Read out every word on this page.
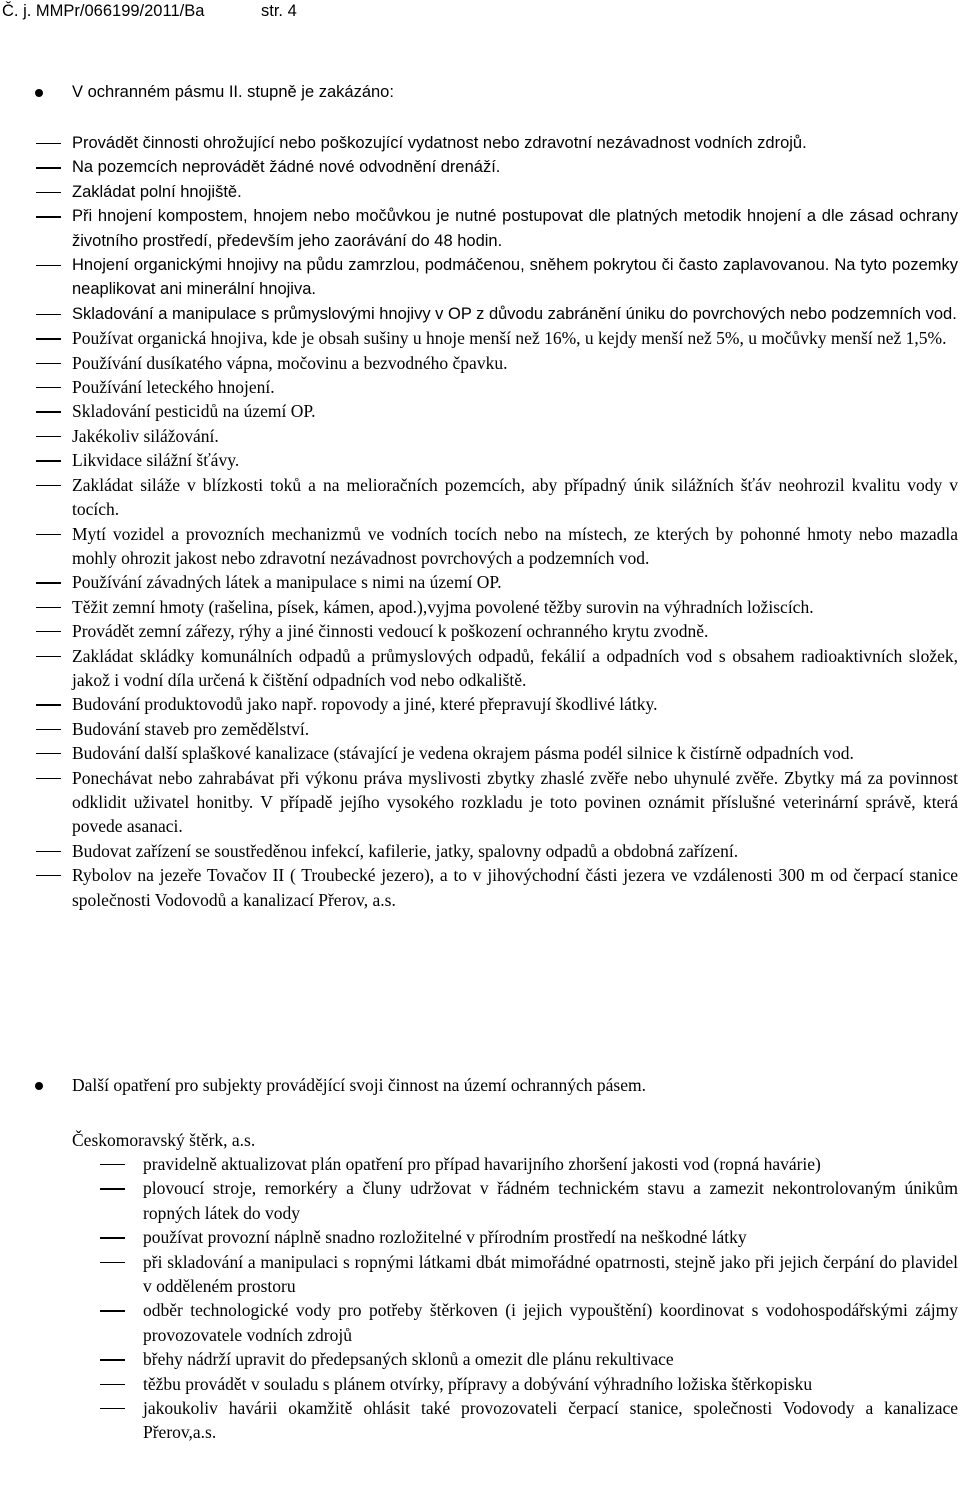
Č. j. MMPr/066199/2011/Ba	str. 4
V ochranném pásmu II. stupně je zakázáno:
Provádět činnosti ohrožující nebo poškozující vydatnost nebo zdravotní nezávadnost vodních zdrojů.
Na pozemcích neprovádět žádné nové odvodnění drenáží.
Zakládat polní hnojiště.
Při hnojení kompostem, hnojem nebo močůvkou je nutné postupovat dle platných metodik hnojení a dle zásad ochrany životního prostředí, především jeho zaorávání do 48 hodin.
Hnojení organickými hnojivy na půdu zamrzlou, podmáčenou, sněhem pokrytou či často zaplavovanou. Na tyto pozemky neaplikovat ani minerální hnojiva.
Skladování a manipulace s průmyslovými hnojivy v OP z důvodu zabránění úniku do povrchových nebo podzemních vod.
Používat organická hnojiva, kde je obsah sušiny u hnoje menší než 16%, u kejdy menší než 5%, u močůvky menší než 1,5%.
Používání dusíkatého vápna, močovinu a bezvodného čpavku.
Používání leteckého hnojení.
Skladování pesticidů na území OP.
Jakékoliv silážování.
Likvidace silážní šťávy.
Zakládat siláže v blízkosti toků a na melioračních pozemcích, aby případný únik silážních šťáv neohrozil kvalitu vody v tocích.
Mytí vozidel a provozních mechanizmů ve vodních tocích nebo na místech, ze kterých by pohonné hmoty nebo mazadla mohly ohrozit jakost nebo zdravotní nezávadnost povrchových a podzemních vod.
Používání závadných látek a manipulace s nimi na území OP.
Těžit zemní hmoty (rašelina, písek, kámen, apod.),vyjma povolené těžby surovin na výhradních ložiscích.
Provádět zemní zářezy, rýhy a jiné činnosti vedoucí k poškození ochranného krytu zvodně.
Zakládat skládky komunálních odpadů a průmyslových odpadů, fekálií a odpadních vod s obsahem radioaktivních složek, jakož i vodní díla určená k čištění odpadních vod nebo odkaliště.
Budování produktovodů jako např. ropovody a jiné, které přepravují škodlivé látky.
Budování staveb pro zemědělství.
Budování další splaškové kanalizace (stávající je vedena okrajem pásma podél silnice k čistírně odpadních vod.
Ponechávat nebo zahrabávat při výkonu práva myslivosti zbytky zhaslé zvěře nebo uhynulé zvěře. Zbytky má za povinnost odklidit uživatel honitby. V případě jejího vysokého rozkladu je toto povinen oznámit příslušné veterinární správě, která povede asanaci.
Budovat zařízení se soustředěnou infekcí, kafilerie, jatky, spalovny odpadů a obdobná zařízení.
Rybolov na jezeře Tovačov II ( Troubecké jezero), a to v jihovýchodní části jezera ve vzdálenosti 300 m od čerpací stanice společnosti Vodovodů a kanalizací Přerov, a.s.
Další opatření pro subjekty provádějící svoji činnost na území ochranných pásem.
Českomoravský štěrk, a.s.
pravidelně aktualizovat plán opatření pro případ havarijního zhoršení jakosti vod (ropná havárie)
plovoucí stroje, remorkéry a čluny udržovat v řádném technickém stavu a zamezit nekontrolovaným únikům ropných látek do vody
používat provozní náplně snadno rozložitelné v přírodním prostředí na neškodné látky
při skladování a manipulaci s ropnými látkami dbát mimořádné opatrnosti, stejně jako při jejich čerpání do plavidel v odděleném prostoru
odběr technologické vody pro potřeby štěrkoven (i jejich vypouštění) koordinovat s vodohospodářskými zájmy provozovatele vodních zdrojů
břehy nádrží upravit do předepsaných sklonů a omezit dle plánu rekultivace
těžbu provádět v souladu s plánem otvírky, přípravy a dobývání výhradního ložiska štěrkopisku
jakoukoliv havárii okamžitě ohlásit také provozovateli čerpací stanice, společnosti Vodovody a kanalizace Přerov,a.s.
